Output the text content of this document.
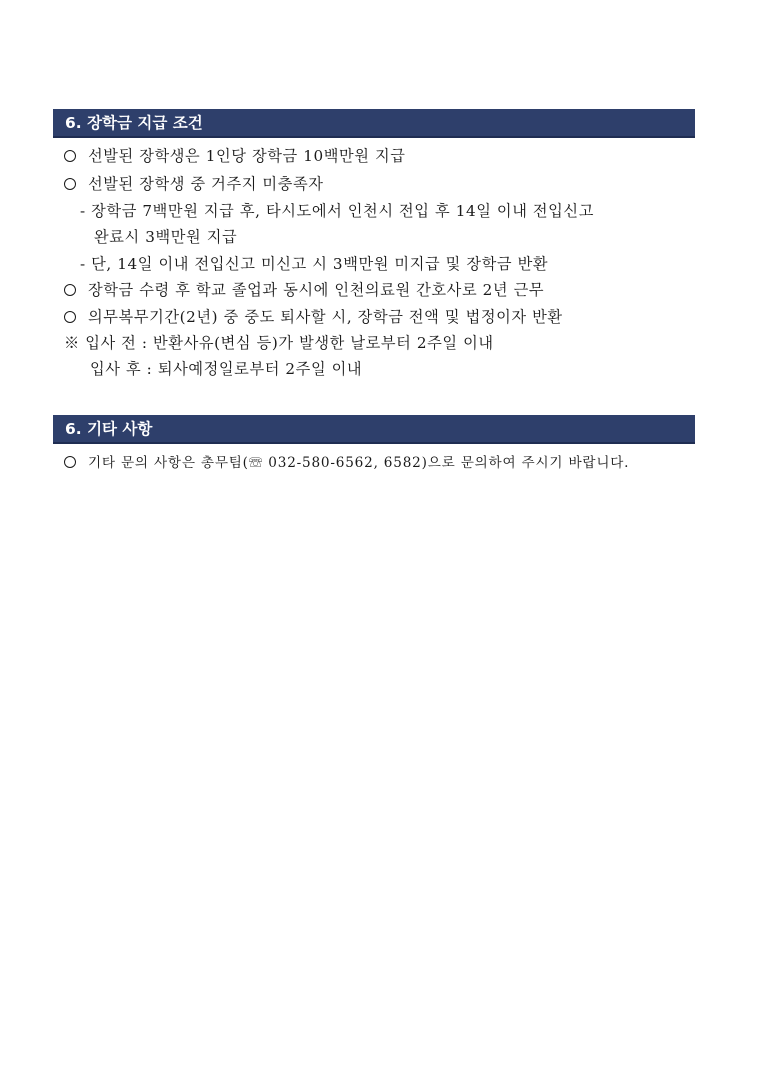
6. 장학금 지급 조건
선발된 장학생은 1인당 장학금 10백만원 지급
선발된 장학생 중 거주지 미충족자
- 장학금 7백만원 지급 후, 타시도에서 인천시 전입 후 14일 이내 전입신고
완료시 3백만원 지급
- 단, 14일 이내 전입신고 미신고 시 3백만원 미지급 및 장학금 반환
장학금 수령 후 학교 졸업과 동시에 인천의료원 간호사로 2년 근무
의무복무기간(2년) 중 중도 퇴사할 시, 장학금 전액 및 법정이자 반환
※ 입사 전 : 반환사유(변심 등)가 발생한 날로부터 2주일 이내
입사 후 : 퇴사예정일로부터 2주일 이내
6. 기타 사항
기타 문의 사항은 총무팀(☏ 032-580-6562, 6582)으로 문의하여 주시기 바랍니다.
